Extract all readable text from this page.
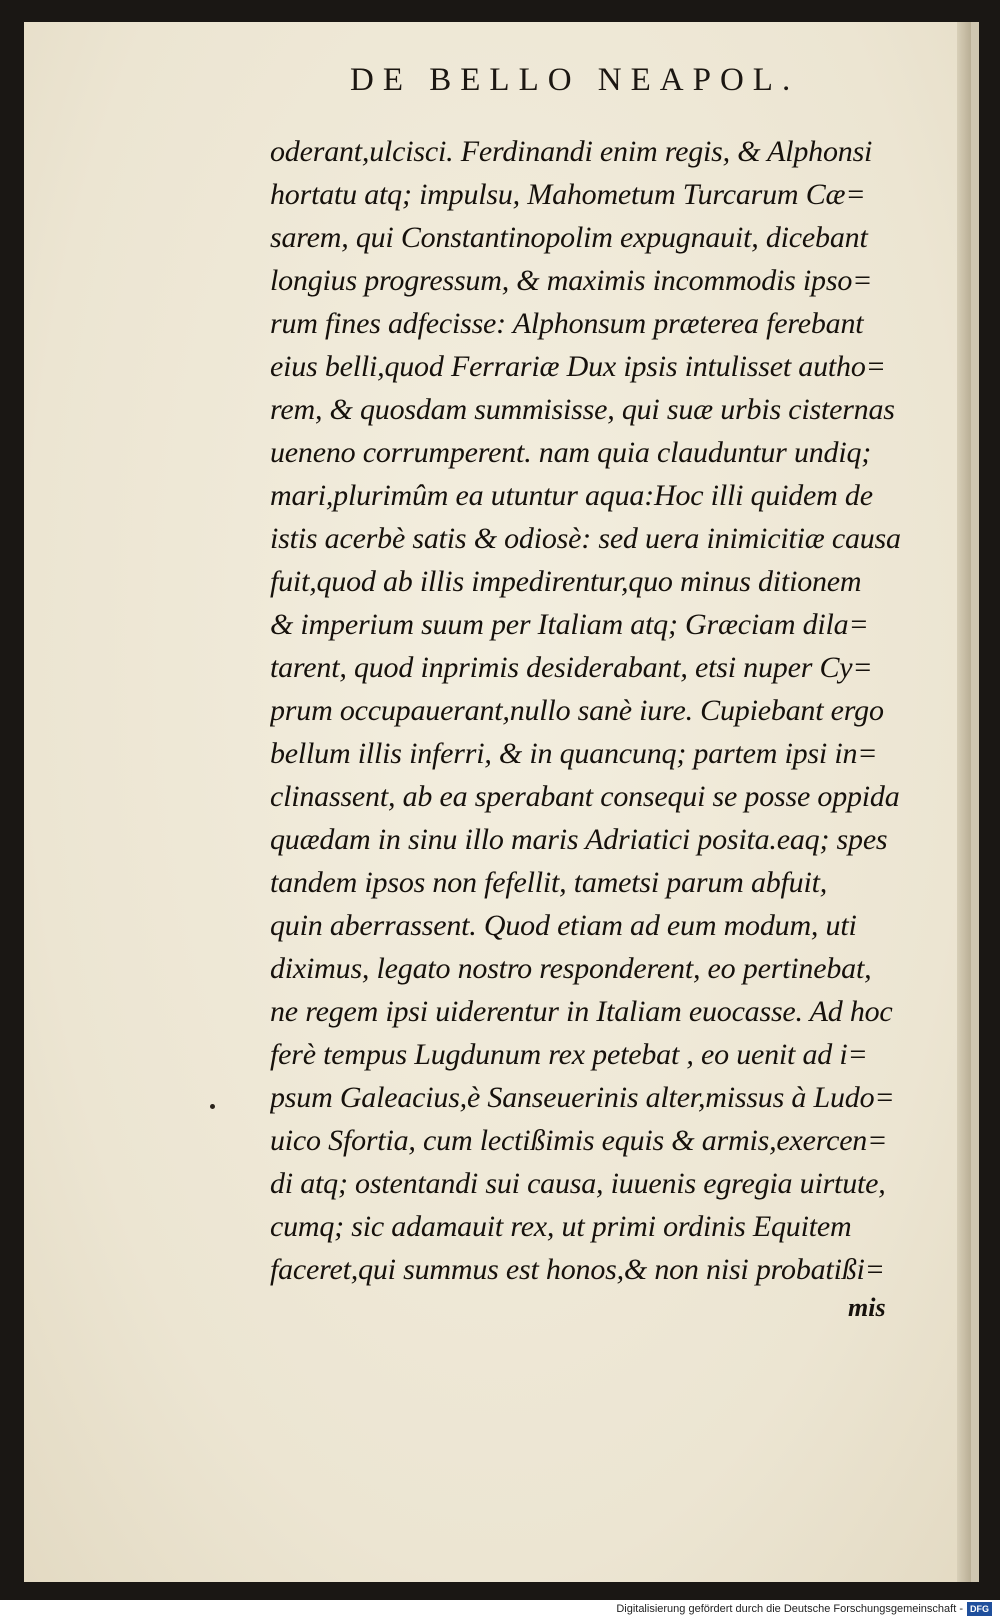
DE BELLO NEAPOL.
oderant,ulcisci. Ferdinandi enim regis, & Alphonsi
hortatu atq; impulsu, Mahometum Turcarum Cæ=
sarem, qui Constantinopolim expugnauit, dicebant
longius progressum, & maximis incommodis ipso=
rum fines adfecisse: Alphonsum præterea ferebant
eius belli,quod Ferrariæ Dux ipsis intulisset autho=
rem, & quosdam summisisse, qui suæ urbis cisternas
ueneno corrumperent. nam quia clauduntur undiq;
mari,plurimûm ea utuntur aqua:Hoc illi quidem de
istis acerbè satis & odiosè: sed uera inimicitiæ causa
fuit,quod ab illis impedirentur,quo minus ditionem
& imperium suum per Italiam atq; Græciam dila=
tarent, quod inprimis desiderabant, etsi nuper Cy=
prum occupauerant,nullo sanè iure. Cupiebant ergo
bellum illis inferri, & in quancunq; partem ipsi in=
clinassent, ab ea sperabant consequi se posse oppida
quædam in sinu illo maris Adriatici posita.eaq; spes
tandem ipsos non fefellit, tametsi parum abfuit,
quin aberrassent. Quod etiam ad eum modum, uti
diximus, legato nostro responderent, eo pertinebat,
ne regem ipsi uiderentur in Italiam euocasse. Ad hoc
ferè tempus Lugdunum rex petebat , eo uenit ad i=
psum Galeacius,è Sanseuerinis alter,missus à Ludo=
uico Sfortia, cum lectißimis equis & armis,exercen=
di atq; ostentandi sui causa, iuuenis egregia uirtute,
cumq; sic adamauit rex, ut primi ordinis Equitem
faceret,qui summus est honos,& non nisi probatißi=
mis
Digitalisierung gefördert durch die Deutsche Forschungsgemeinschaft - DFG
